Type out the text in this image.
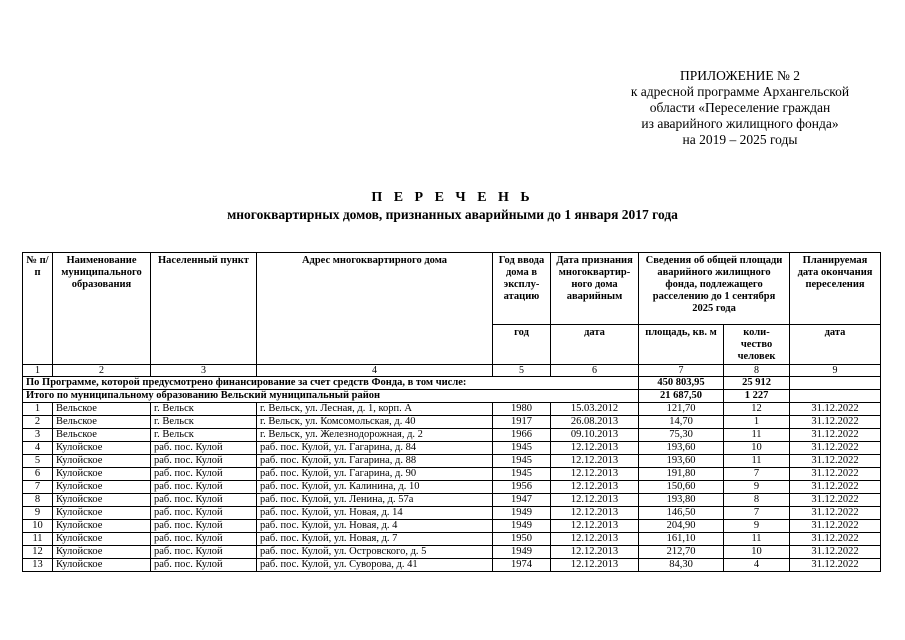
ПРИЛОЖЕНИЕ № 2
к адресной программе Архангельской
области «Переселение граждан
из аварийного жилищного фонда»
на 2019 – 2025 годы
П Е Р Е Ч Е Н Ь
многоквартирных домов, признанных аварийными до 1 января 2017 года
№ п/п	Наименование муниципального образования	Населенный пункт	Адрес многоквартирного дома	Год ввода дома в эксплу- атацию	Дата признания многоквартир- ного дома аварийным	Сведения об общей площади аварийного жилищного фонда, подлежащего расселению до 1 сентября 2025 года		Планируемая дата окончания переселения
				год	дата	площадь, кв. м	коли- чество человек	дата
1	2	3	4	5	6	7	8	9
По Программе, которой предусмотрено финансирование за счет средств Фонда, в том числе:						450 803,95	25 912	
Итого по муниципальному образованию Вельский муниципальный район						21 687,50	1 227	
1	Вельское	г. Вельск	г. Вельск, ул. Лесная, д. 1, корп. А	1980	15.03.2012	121,70	12	31.12.2022
2	Вельское	г. Вельск	г. Вельск, ул. Комсомольская, д. 40	1917	26.08.2013	14,70	1	31.12.2022
3	Вельское	г. Вельск	г. Вельск, ул. Железнодорожная, д. 2	1966	09.10.2013	75,30	11	31.12.2022
4	Кулойское	раб. пос. Кулой	раб. пос. Кулой, ул. Гагарина, д. 84	1945	12.12.2013	193,60	10	31.12.2022
5	Кулойское	раб. пос. Кулой	раб. пос. Кулой, ул. Гагарина, д. 88	1945	12.12.2013	193,60	11	31.12.2022
6	Кулойское	раб. пос. Кулой	раб. пос. Кулой, ул. Гагарина, д. 90	1945	12.12.2013	191,80	7	31.12.2022
7	Кулойское	раб. пос. Кулой	раб. пос. Кулой, ул. Калинина, д. 10	1956	12.12.2013	150,60	9	31.12.2022
8	Кулойское	раб. пос. Кулой	раб. пос. Кулой, ул. Ленина, д. 57а	1947	12.12.2013	193,80	8	31.12.2022
9	Кулойское	раб. пос. Кулой	раб. пос. Кулой, ул. Новая, д. 14	1949	12.12.2013	146,50	7	31.12.2022
10	Кулойское	раб. пос. Кулой	раб. пос. Кулой, ул. Новая, д. 4	1949	12.12.2013	204,90	9	31.12.2022
11	Кулойское	раб. пос. Кулой	раб. пос. Кулой, ул. Новая, д. 7	1950	12.12.2013	161,10	11	31.12.2022
12	Кулойское	раб. пос. Кулой	раб. пос. Кулой, ул. Островского, д. 5	1949	12.12.2013	212,70	10	31.12.2022
13	Кулойское	раб. пос. Кулой	раб. пос. Кулой, ул. Суворова, д. 41	1974	12.12.2013	84,30	4	31.12.2022
